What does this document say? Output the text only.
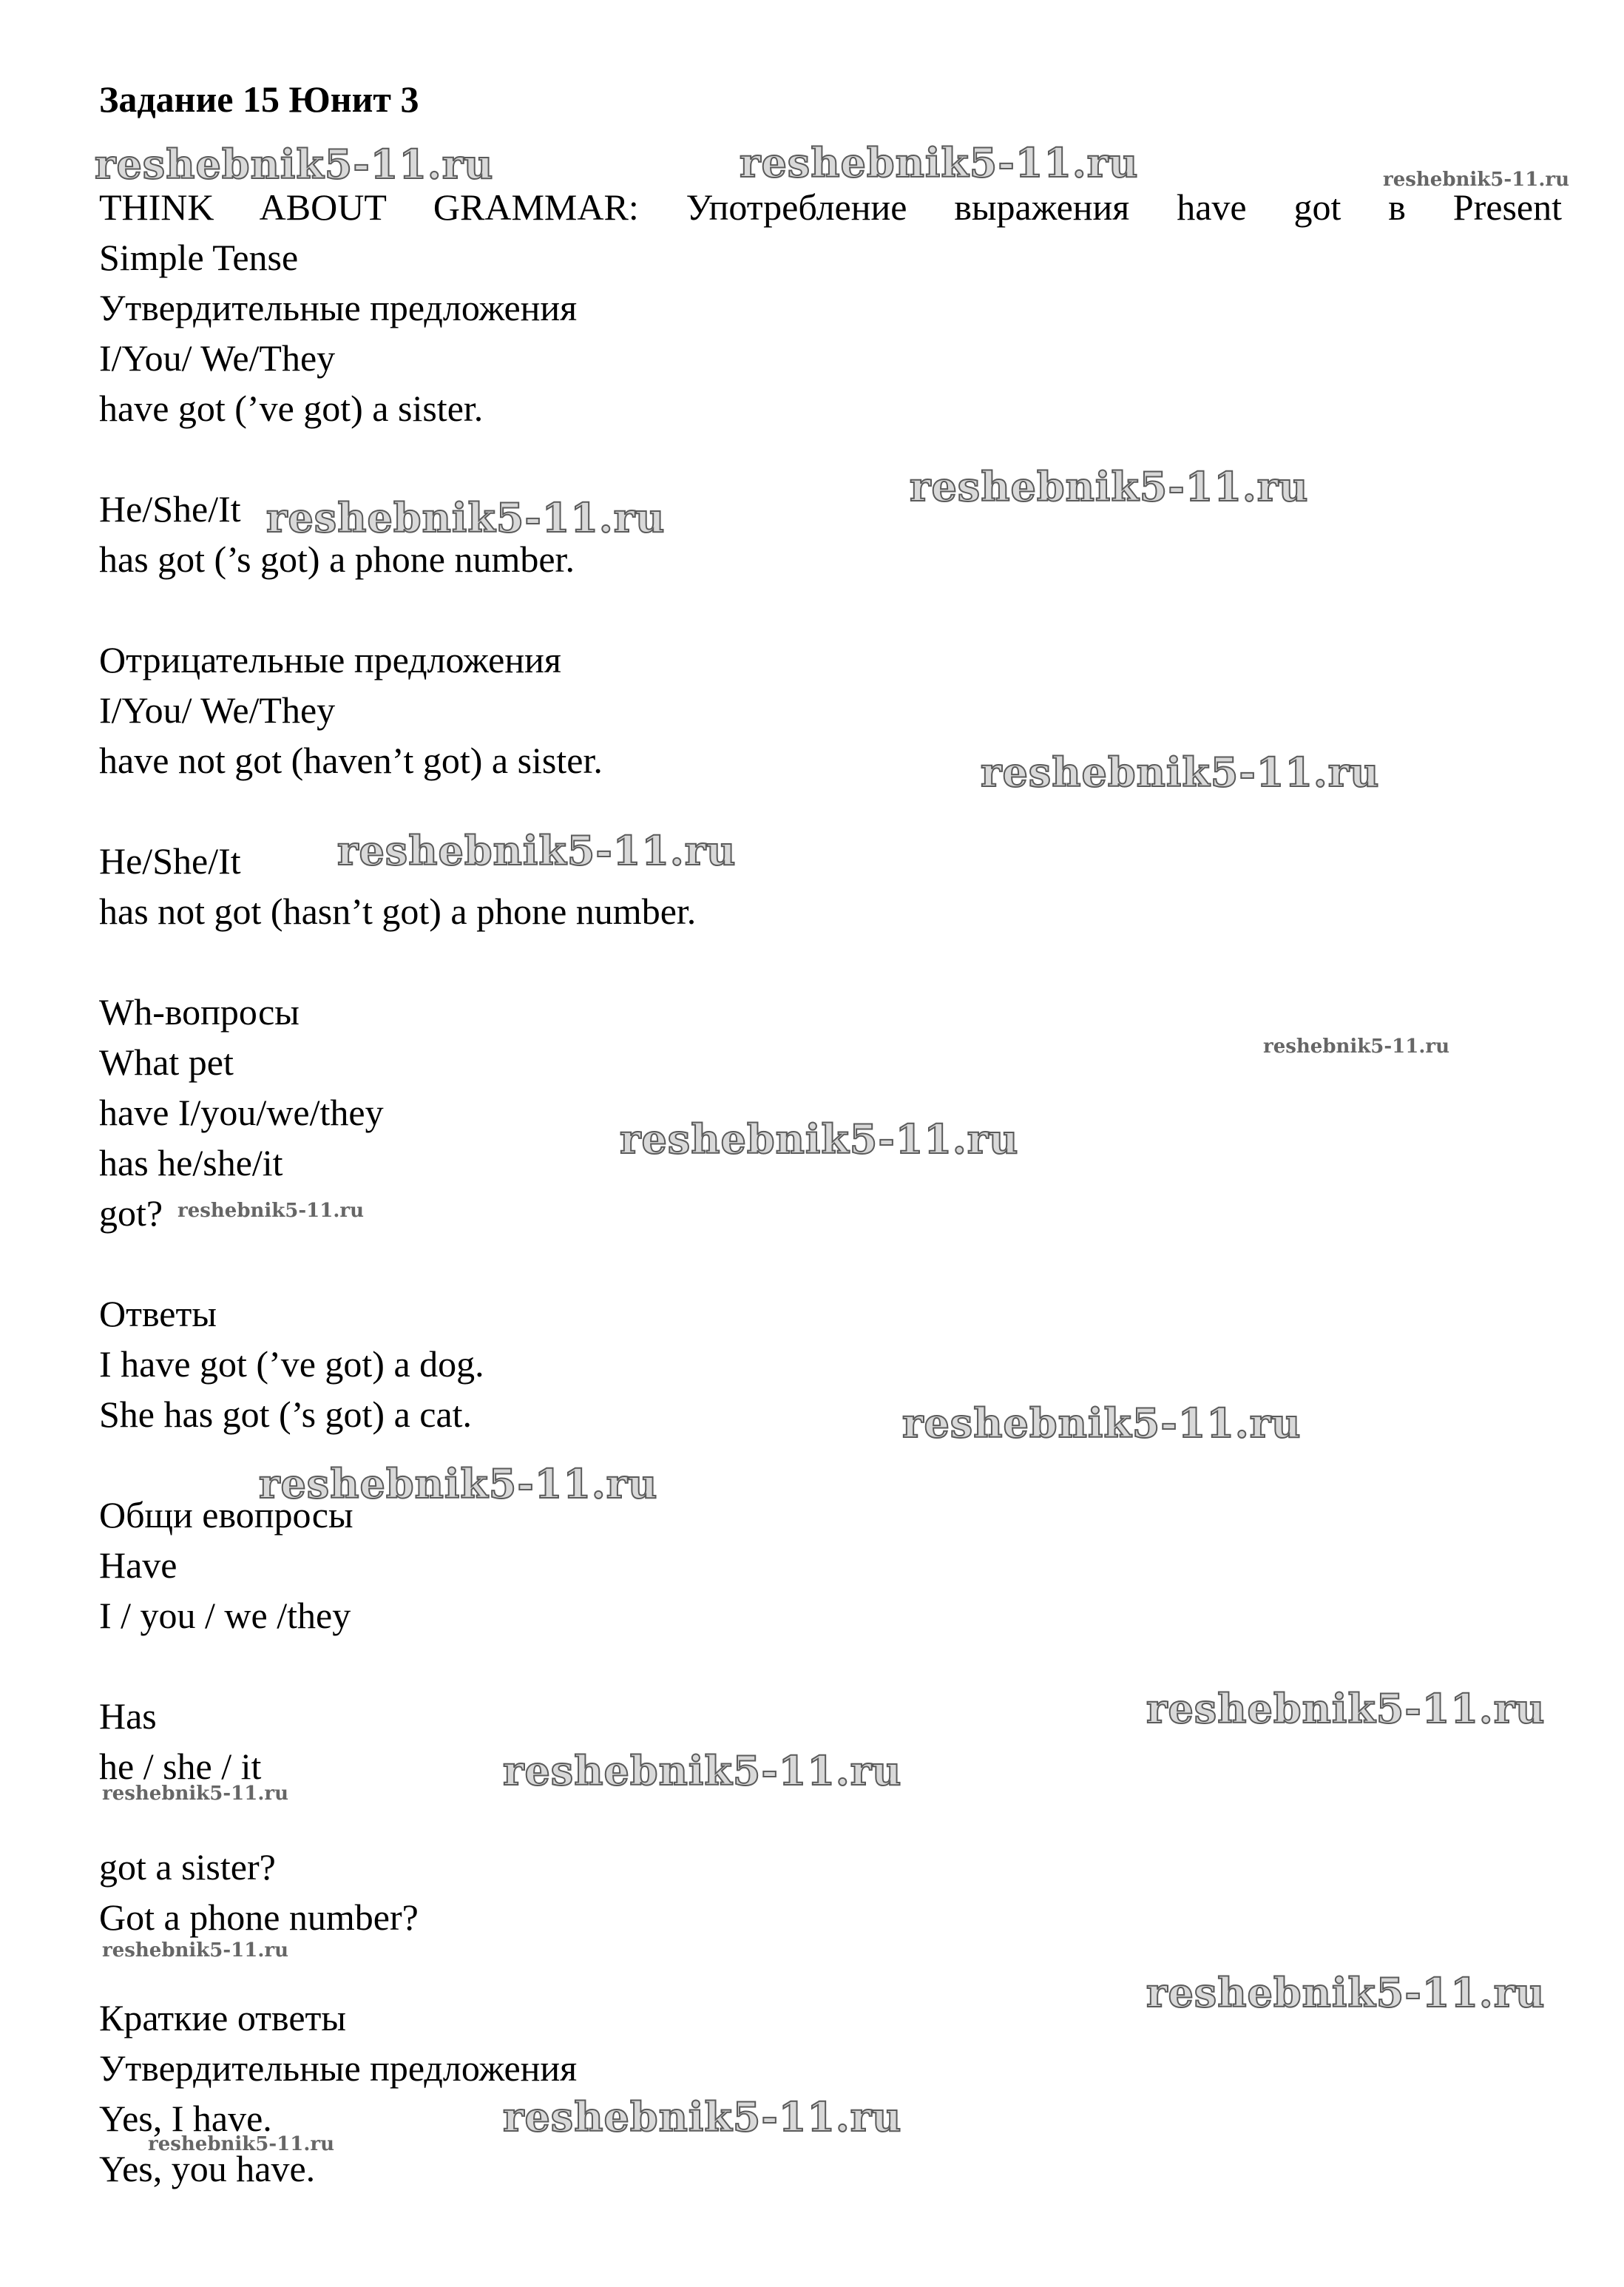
Задание 15 Юнит 3
THINK ABOUT GRAMMAR: Употребление выражения have got в Present
Simple Tense
Утвердительные предложения
I/You/ We/They
have got (’ve got) a sister.
He/She/It
has got (’s got) a phone number.
Отрицательные предложения
I/You/ We/They
have not got (haven’t got) a sister.
He/She/It
has not got (hasn’t got) a phone number.
Wh-вопросы
What pet
have I/you/we/they
has he/she/it
got?
Ответы
I have got (’ve got) a dog.
She has got (’s got) a cat.
Общи евопросы
Have
I / you / we /they
Has
he / she / it
got a sister?
Got a phone number?
Краткие ответы
Утвердительные предложения
Yes, I have.
Yes, you have.
reshebnik5-11.ru	reshebnik5-11.ru	reshebnik5-11.ru
reshebnik5-11.ru
reshebnik5-11.ru
reshebnik5-11.ru
reshebnik5-11.ru
reshebnik5-11.ru
reshebnik5-11.ru
reshebnik5-11.ru
reshebnik5-11.ru
reshebnik5-11.ru
reshebnik5-11.ru
reshebnik5-11.ru
reshebnik5-11.ru
reshebnik5-11.ru
reshebnik5-11.ru
reshebnik5-11.ru
reshebnik5-11.ru
